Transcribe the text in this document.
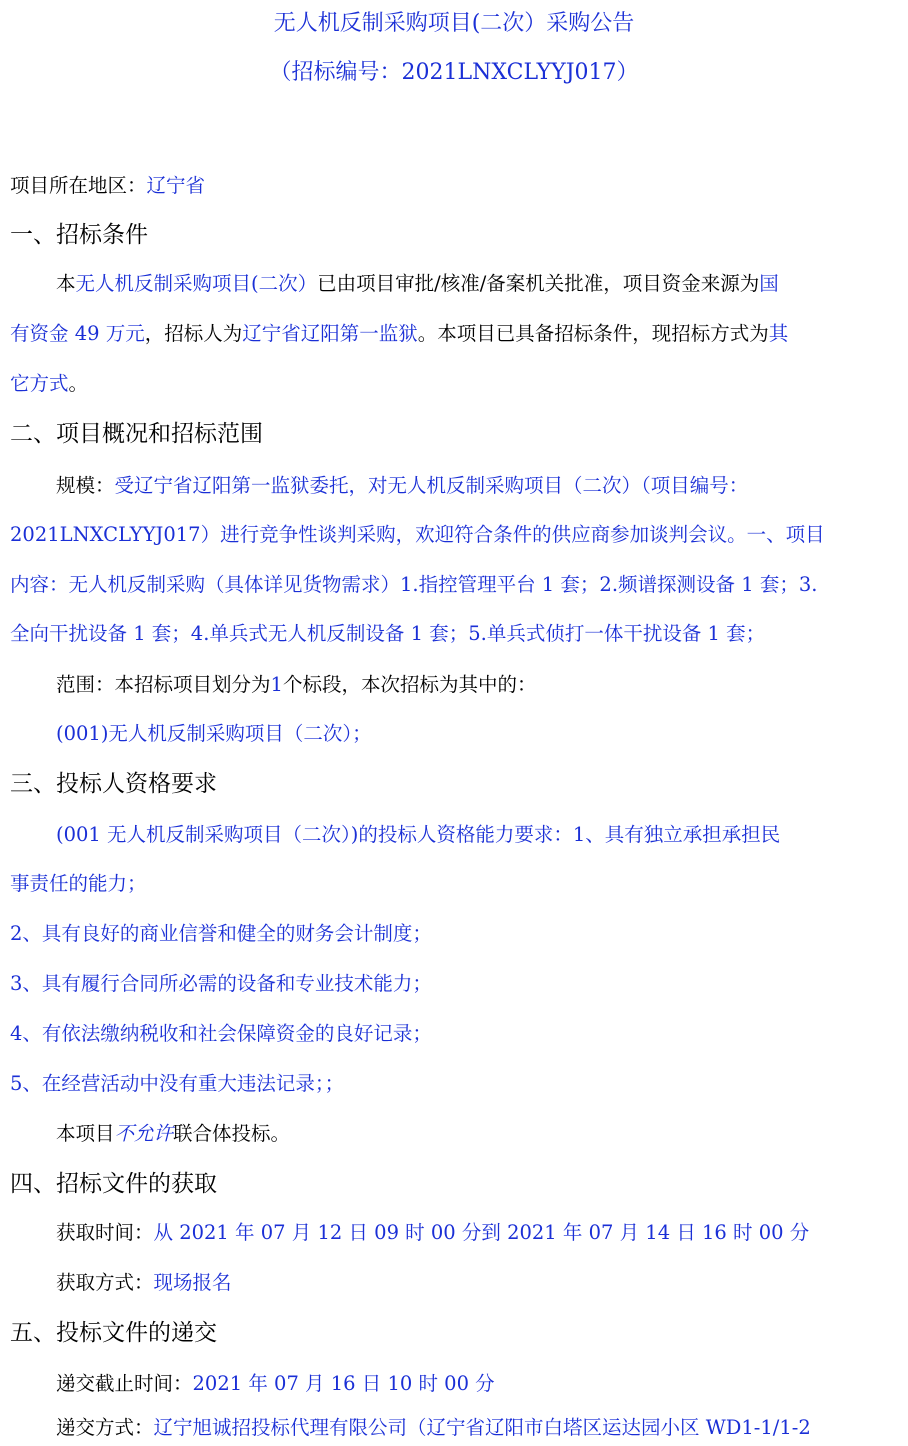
无人机反制采购项目(二次）采购公告
（招标编号：2021LNXCLYYJ017）
项目所在地区：辽宁省
一、招标条件
本无人机反制采购项目(二次）已由项目审批/核准/备案机关批准，项目资金来源为国
有资金 49 万元，招标人为辽宁省辽阳第一监狱。本项目已具备招标条件，现招标方式为其
它方式。
二、项目概况和招标范围
规模：受辽宁省辽阳第一监狱委托，对无人机反制采购项目（二次）（项目编号：
2021LNXCLYYJ017）进行竞争性谈判采购，欢迎符合条件的供应商参加谈判会议。一、项目
内容：无人机反制采购（具体详见货物需求）1.指控管理平台 1 套；2.频谱探测设备 1 套；3.
全向干扰设备 1 套；4.单兵式无人机反制设备 1 套；5.单兵式侦打一体干扰设备 1 套；
范围：本招标项目划分为1个标段，本次招标为其中的：
(001)无人机反制采购项目（二次）；
三、投标人资格要求
(001 无人机反制采购项目（二次）)的投标人资格能力要求：1、具有独立承担承担民
事责任的能力；
2、具有良好的商业信誉和健全的财务会计制度；
3、具有履行合同所必需的设备和专业技术能力；
4、有依法缴纳税收和社会保障资金的良好记录；
5、在经营活动中没有重大违法记录；；
本项目不允许联合体投标。
四、招标文件的获取
获取时间：从 2021 年 07 月 12 日 09 时 00 分到 2021 年 07 月 14 日 16 时 00 分
获取方式：现场报名
五、投标文件的递交
递交截止时间：2021 年 07 月 16 日 10 时 00 分
递交方式：辽宁旭诚招投标代理有限公司（辽宁省辽阳市白塔区运达园小区 WD1-1/1-2
